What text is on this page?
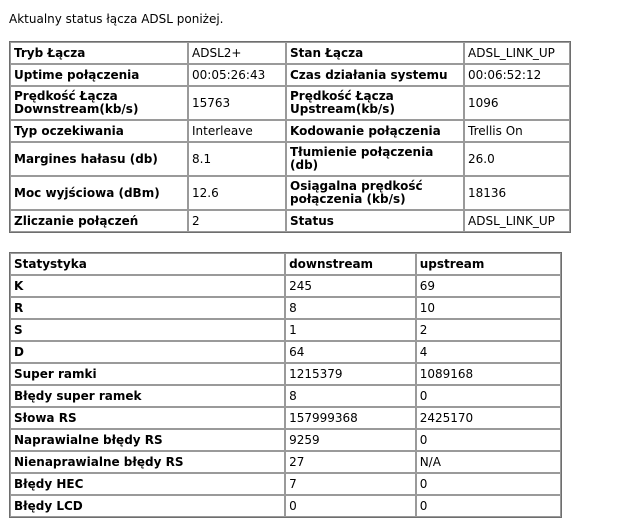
Aktualny status łącza ADSL poniżej.
Tryb Łącza	ADSL2+	Stan Łącza	ADSL_LINK_UP
Uptime połączenia	00:05:26:43	Czas działania systemu	00:06:52:12
Prędkość Łącza Downstream(kb/s)	15763	Prędkość Łącza Upstream(kb/s)	1096
Typ oczekiwania	Interleave	Kodowanie połączenia	Trellis On
Margines hałasu (db)	8.1	Tłumienie połączenia (db)	26.0
Moc wyjściowa (dBm)	12.6	Osiągalna prędkość połączenia (kb/s)	18136
Zliczanie połączeń	2	Status	ADSL_LINK_UP
Statystyka	downstream	upstream
K	245	69
R	8	10
S	1	2
D	64	4
Super ramki	1215379	1089168
Błędy super ramek	8	0
Słowa RS	157999368	2425170
Naprawialne błędy RS	9259	0
Nienaprawialne błędy RS	27	N/A
Błędy HEC	7	0
Błędy LCD	0	0
